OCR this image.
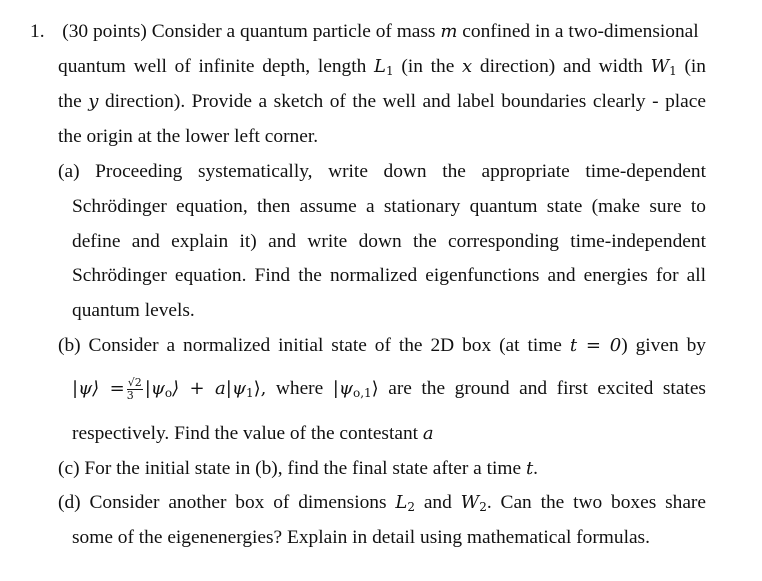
1. (30 points) Consider a quantum particle of mass m confined in a two-dimensional
quantum well of infinite depth, length $L_1$ (in the x direction) and width $W_1$ (in
the y direction). Provide a sketch of the well and label boundaries clearly - place
the origin at the lower left corner.
(a) Proceeding systematically, write down the appropriate time-dependent
Schrödinger equation, then assume a stationary quantum state (make sure to
define and explain it) and write down the corresponding time-independent
Schrödinger equation. Find the normalized eigenfunctions and energies for all
quantum levels.
(b) Consider a normalized initial state of the 2D box (at time t = 0) given by
|ψ⟩ = $\frac{√2}{3}$ $|\psi_o⟩$ + $a|\psi_1⟩$, where $|\psi_{o,1}⟩$ are the ground and first excited states
respectively. Find the value of the contestant a
(c) For the initial state in (b), find the final state after a time t.
(d) Consider another box of dimensions $L_2$ and $W_2$. Can the two boxes share
some of the eigenenergies? Explain in detail using mathematical formulas.
